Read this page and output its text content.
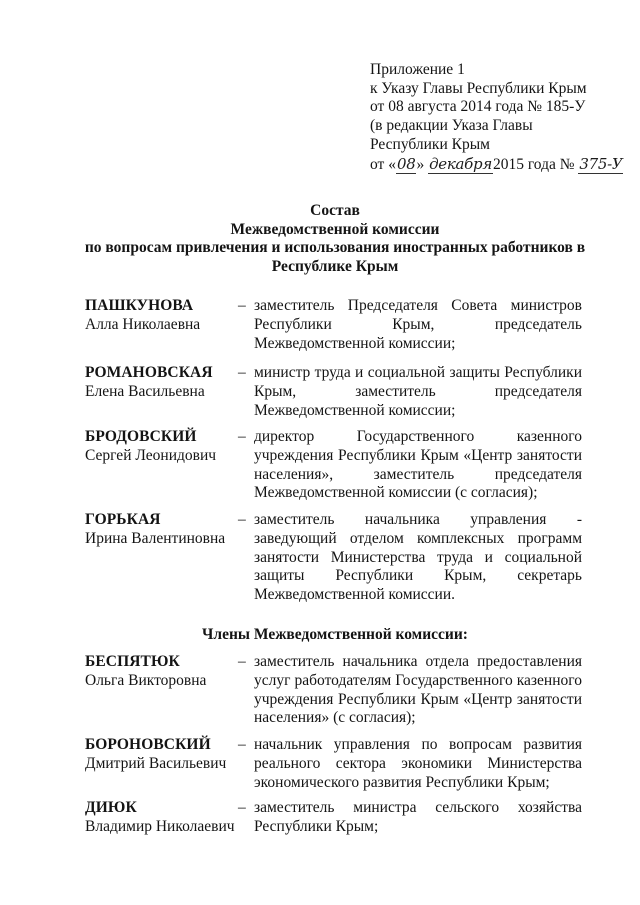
Приложение 1
к Указу Главы Республики Крым
от 08 августа 2014 года № 185-У
(в редакции Указа Главы
Республики Крым
от «08» декабря2015 года № 375-У
Состав
Межведомственной комиссии
по вопросам привлечения и использования иностранных работников в
Республике Крым
ПАШКУНОВА
Алла Николаевна
– заместитель Председателя Совета министров Республики Крым, председатель Межведомственной комиссии;
РОМАНОВСКАЯ
Елена Васильевна
– министр труда и социальной защиты Республики Крым, заместитель председателя Межведомственной комиссии;
БРОДОВСКИЙ
Сергей Леонидович
– директор Государственного казенного учреждения Республики Крым «Центр занятости населения», заместитель председателя Межведомственной комиссии (с согласия);
ГОРЬКАЯ
Ирина Валентиновна
– заместитель начальника управления - заведующий отделом комплексных программ занятости Министерства труда и социальной защиты Республики Крым, секретарь Межведомственной комиссии.
Члены Межведомственной комиссии:
БЕСПЯТЮК
Ольга Викторовна
– заместитель начальника отдела предоставления услуг работодателям Государственного казенного учреждения Республики Крым «Центр занятости населения» (с согласия);
БОРОНОВСКИЙ
Дмитрий Васильевич
– начальник управления по вопросам развития реального сектора экономики Министерства экономического развития Республики Крым;
ДИЮК
Владимир Николаевич
– заместитель министра сельского хозяйства Республики Крым;
